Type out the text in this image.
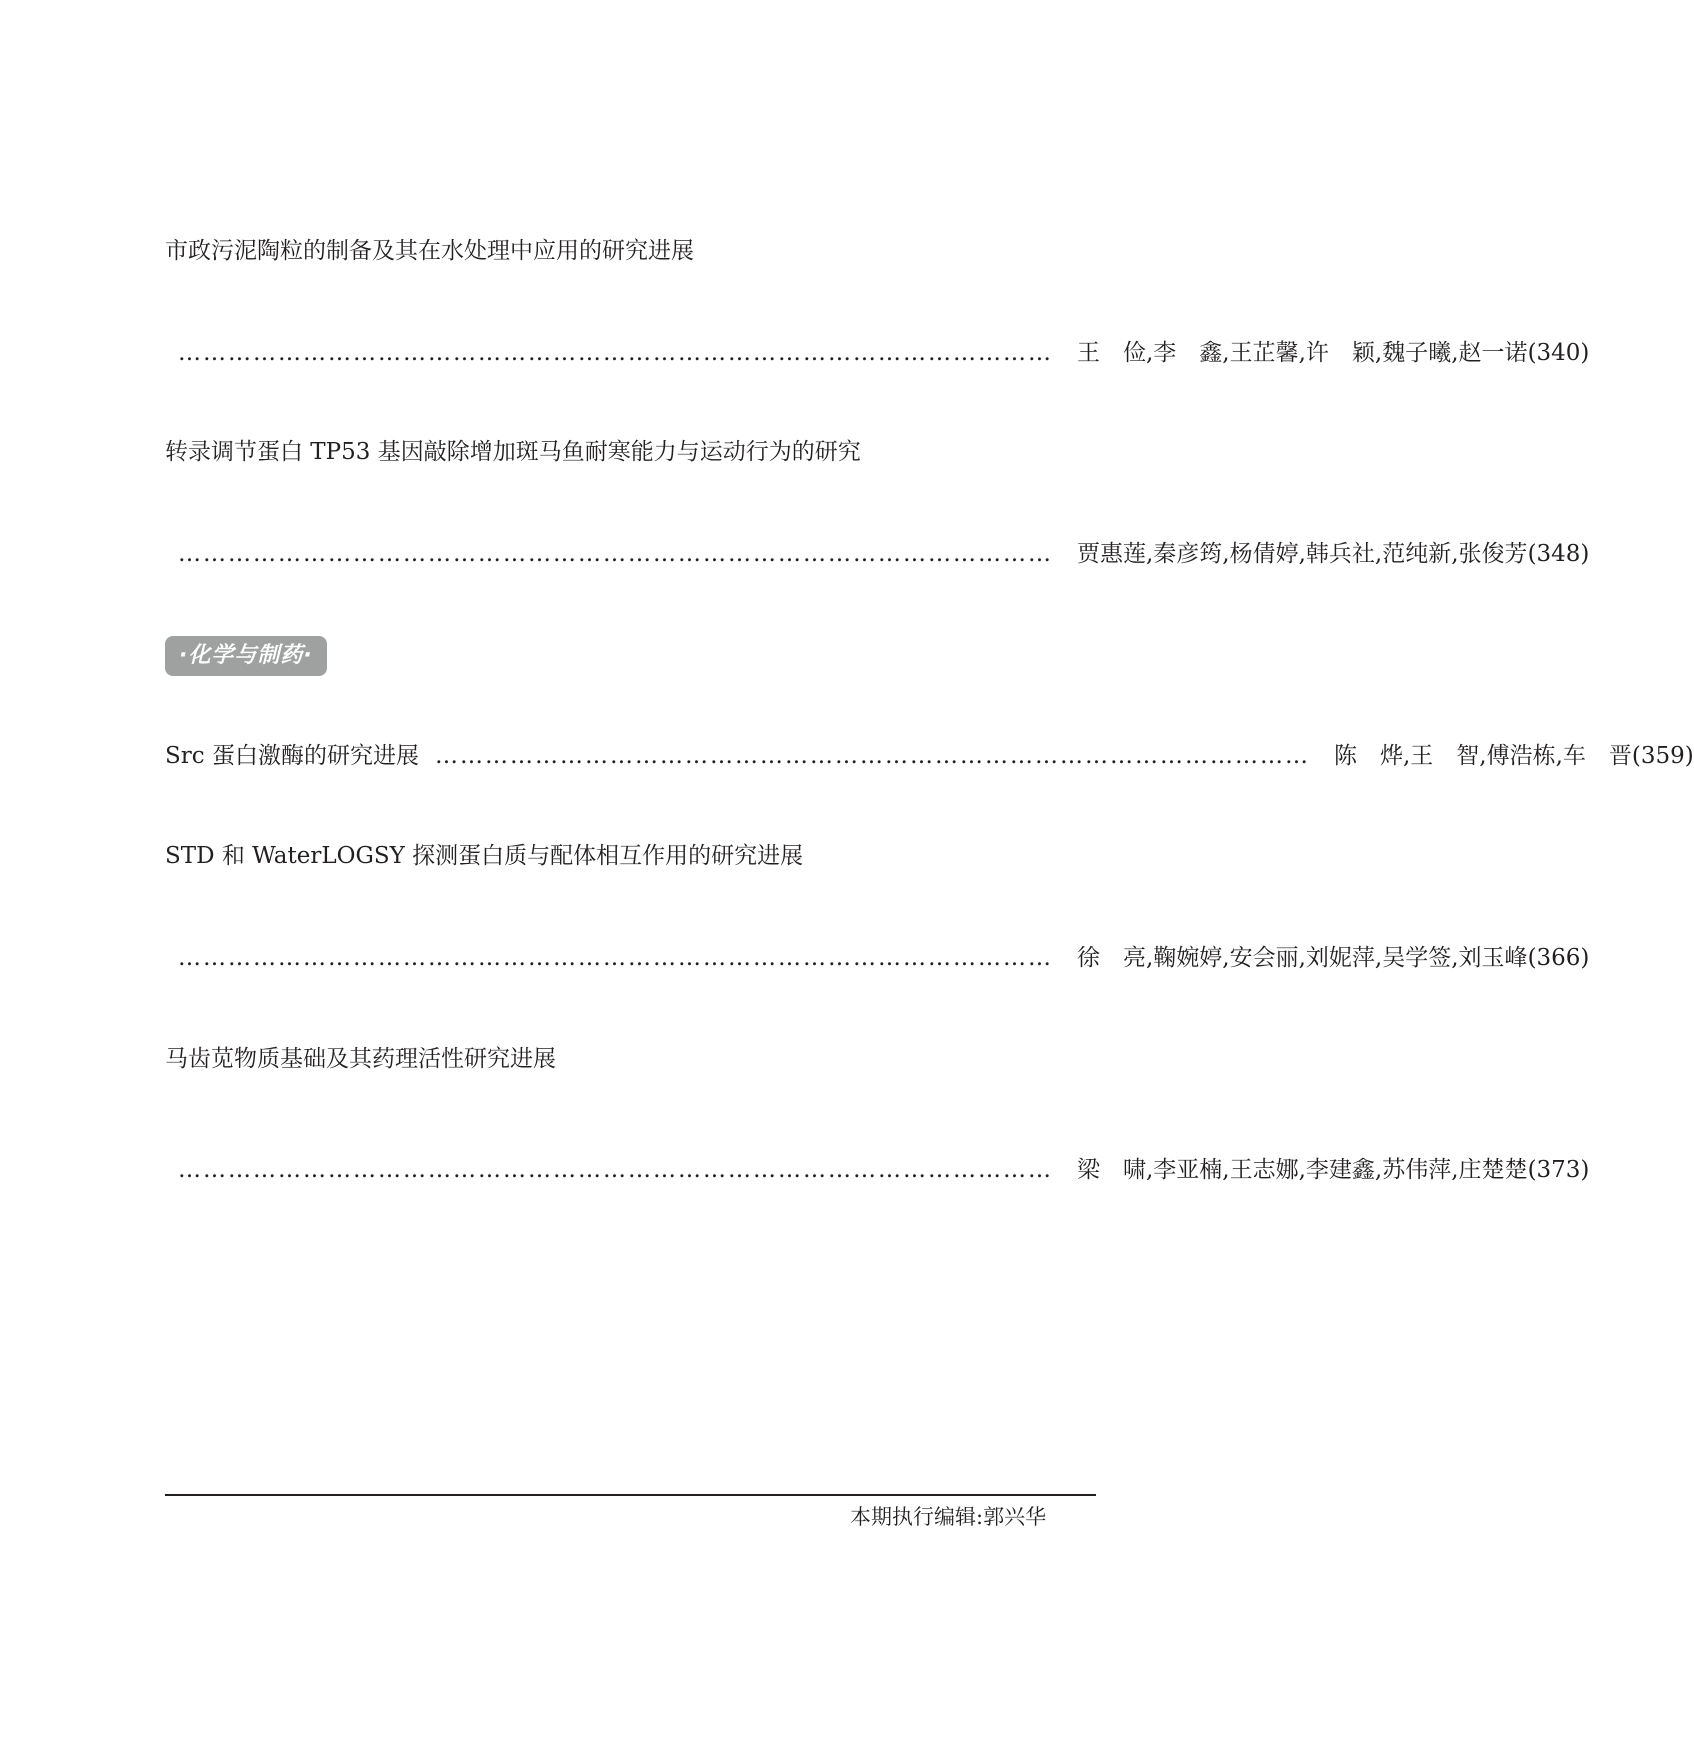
市政污泥陶粒的制备及其在水处理中应用的研究进展
…………………………………………………………………………………………… 王　俭,李　鑫,王芷馨,许　颖,魏子曦,赵一诺 (340)
转录调节蛋白 TP53 基因敲除增加斑马鱼耐寒能力与运动行为的研究
…………………………………………………………………………………………… 贾惠莲,秦彦筠,杨倩婷,韩兵社,范纯新,张俊芳 (348)
·化学与制药·
Src 蛋白激酶的研究进展 …………………………………………………………………………………………… 陈　烨,王　智,傅浩栋,车　晋 (359)
STD 和 WaterLOGSY 探测蛋白质与配体相互作用的研究进展
…………………………………………………………………………………………… 徐　亮,鞠婉婷,安会丽,刘妮萍,吴学签,刘玉峰 (366)
马齿苋物质基础及其药理活性研究进展
…………………………………………………………………………………………… 梁　啸,李亚楠,王志娜,李建鑫,苏伟萍,庄楚楚 (373)
本期执行编辑:郭兴华
